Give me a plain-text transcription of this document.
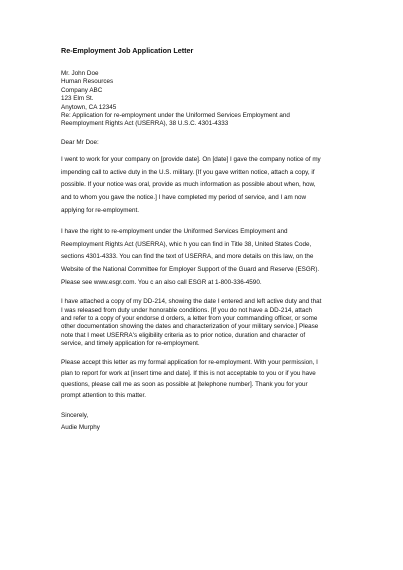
Re-Employment Job Application Letter
Mr. John Doe
Human Resources
Company ABC
123 Elm St.
Anytown, CA 12345
Re: Application for re-employment under the Uniformed Services Employment and
Reemployment Rights Act (USERRA), 38 U.S.C. 4301-4333
Dear Mr Doe:
I went to work for your company on [provide date]. On [date] I gave the company notice of my
impending call to active duty in the U.S. military. [If you gave written notice, attach a copy, if
possible. If your notice was oral, provide as much information as possible about when, how,
and to whom you gave the notice.] I have completed my period of service, and I am now
applying for re-employment.
I have the right to re-employment under the Uniformed Services Employment and
Reemployment Rights Act (USERRA), whic h you can find in Title 38, United States Code,
sections 4301-4333. You can find the text of USERRA, and more details on this law, on the
Website of the National Committee for Employer Support of the Guard and Reserve (ESGR).
Please see www.esgr.com. You c an also call ESGR at 1-800-336-4590.
I have attached a copy of my DD-214, showing the date I entered and left active duty and that
I was released from duty under honorable conditions. [If you do not have a DD-214, attach
and refer to a copy of your endorse d orders, a letter from your commanding officer, or some
other documentation showing the dates and characterization of your military service.] Please
note that I meet USERRA's eligibility criteria as to prior notice, duration and character of
service, and timely application for re-employment.
Please accept this letter as my formal application for re-employment. With your permission, I
plan to report for work at [insert time and date]. If this is not acceptable to you or if you have
questions, please call me as soon as possible at [telephone number]. Thank you for your
prompt attention to this matter.
Sincerely,
Audie Murphy
